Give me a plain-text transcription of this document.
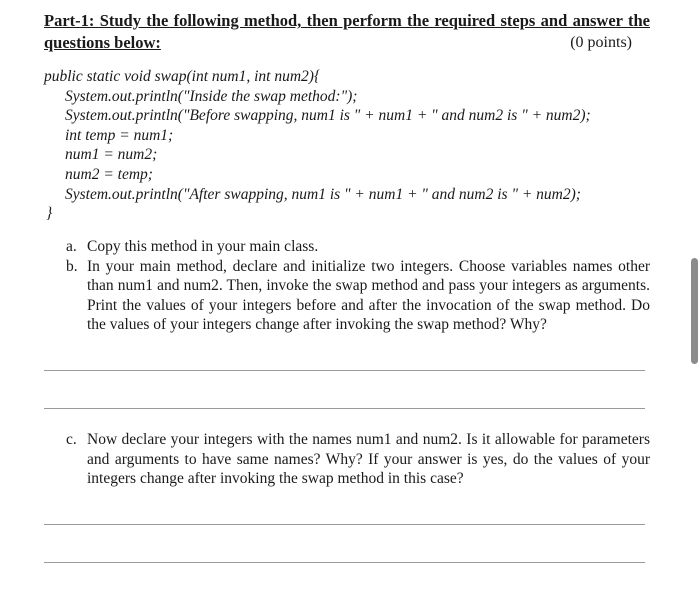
Part-1: Study the following method, then perform the required steps and answer the
questions below:	(0 points)
public static void swap(int num1, int num2){
System.out.println("Inside the swap method:");
System.out.println("Before swapping, num1 is " + num1 + " and num2 is " + num2);
int temp = num1;
num1 = num2;
num2 = temp;
System.out.println("After swapping, num1 is " + num1 + " and num2 is " + num2);
}
a. Copy this method in your main class.
b. In your main method, declare and initialize two integers. Choose variables names other than num1 and num2. Then, invoke the swap method and pass your integers as arguments. Print the values of your integers before and after the invocation of the swap method. Do the values of your integers change after invoking the swap method? Why?
c. Now declare your integers with the names num1 and num2. Is it allowable for parameters and arguments to have same names? Why? If your answer is yes, do the values of your integers change after invoking the swap method in this case?
